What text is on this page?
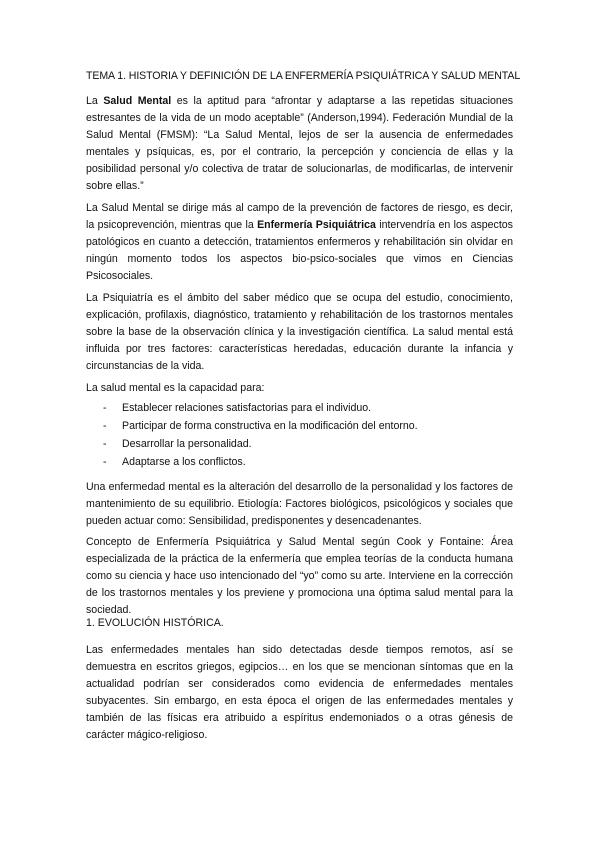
TEMA 1. HISTORIA Y DEFINICIÓN DE LA ENFERMERÍA PSIQUIÁTRICA Y SALUD MENTAL

La Salud Mental es la aptitud para “afrontar y adaptarse a las repetidas situaciones estresantes de la vida de un modo aceptable” (Anderson,1994). Federación Mundial de la Salud Mental (FMSM): “La Salud Mental, lejos de ser la ausencia de enfermedades mentales y psíquicas, es, por el contrario, la percepción y conciencia de ellas y la posibilidad personal y/o colectiva de tratar de solucionarlas, de modificarlas, de intervenir sobre ellas.”

La Salud Mental se dirige más al campo de la prevención de factores de riesgo, es decir, la psicoprevención, mientras que la Enfermería Psiquiátrica intervendría en los aspectos patológicos en cuanto a detección, tratamientos enfermeros y rehabilitación sin olvidar en ningún momento todos los aspectos bio-psico-sociales que vimos en Ciencias Psicosociales.

La Psiquiatría es el ámbito del saber médico que se ocupa del estudio, conocimiento, explicación, profilaxis, diagnóstico, tratamiento y rehabilitación de los trastornos mentales sobre la base de la observación clínica y la investigación científica. La salud mental está influida por tres factores: características heredadas, educación durante la infancia y circunstancias de la vida.

La salud mental es la capacidad para:

- Establecer relaciones satisfactorias para el individuo.
- Participar de forma constructiva en la modificación del entorno.
- Desarrollar la personalidad.
- Adaptarse a los conflictos.

Una enfermedad mental es la alteración del desarrollo de la personalidad y los factores de mantenimiento de su equilibrio. Etiología: Factores biológicos, psicológicos y sociales que pueden actuar como: Sensibilidad, predisponentes y desencadenantes.

Concepto de Enfermería Psiquiátrica y Salud Mental según Cook y Fontaine: Área especializada de la práctica de la enfermería que emplea teorías de la conducta humana como su ciencia y hace uso intencionado del “yo” como su arte. Interviene en la corrección de los trastornos mentales y los previene y promociona una óptima salud mental para la sociedad.

1. EVOLUCIÓN HISTÓRICA.

Las enfermedades mentales han sido detectadas desde tiempos remotos, así se demuestra en escritos griegos, egipcios… en los que se mencionan síntomas que en la actualidad podrían ser considerados como evidencia de enfermedades mentales subyacentes. Sin embargo, en esta época el origen de las enfermedades mentales y también de las físicas era atribuido a espíritus endemoniados o a otras génesis de carácter mágico-religioso.
